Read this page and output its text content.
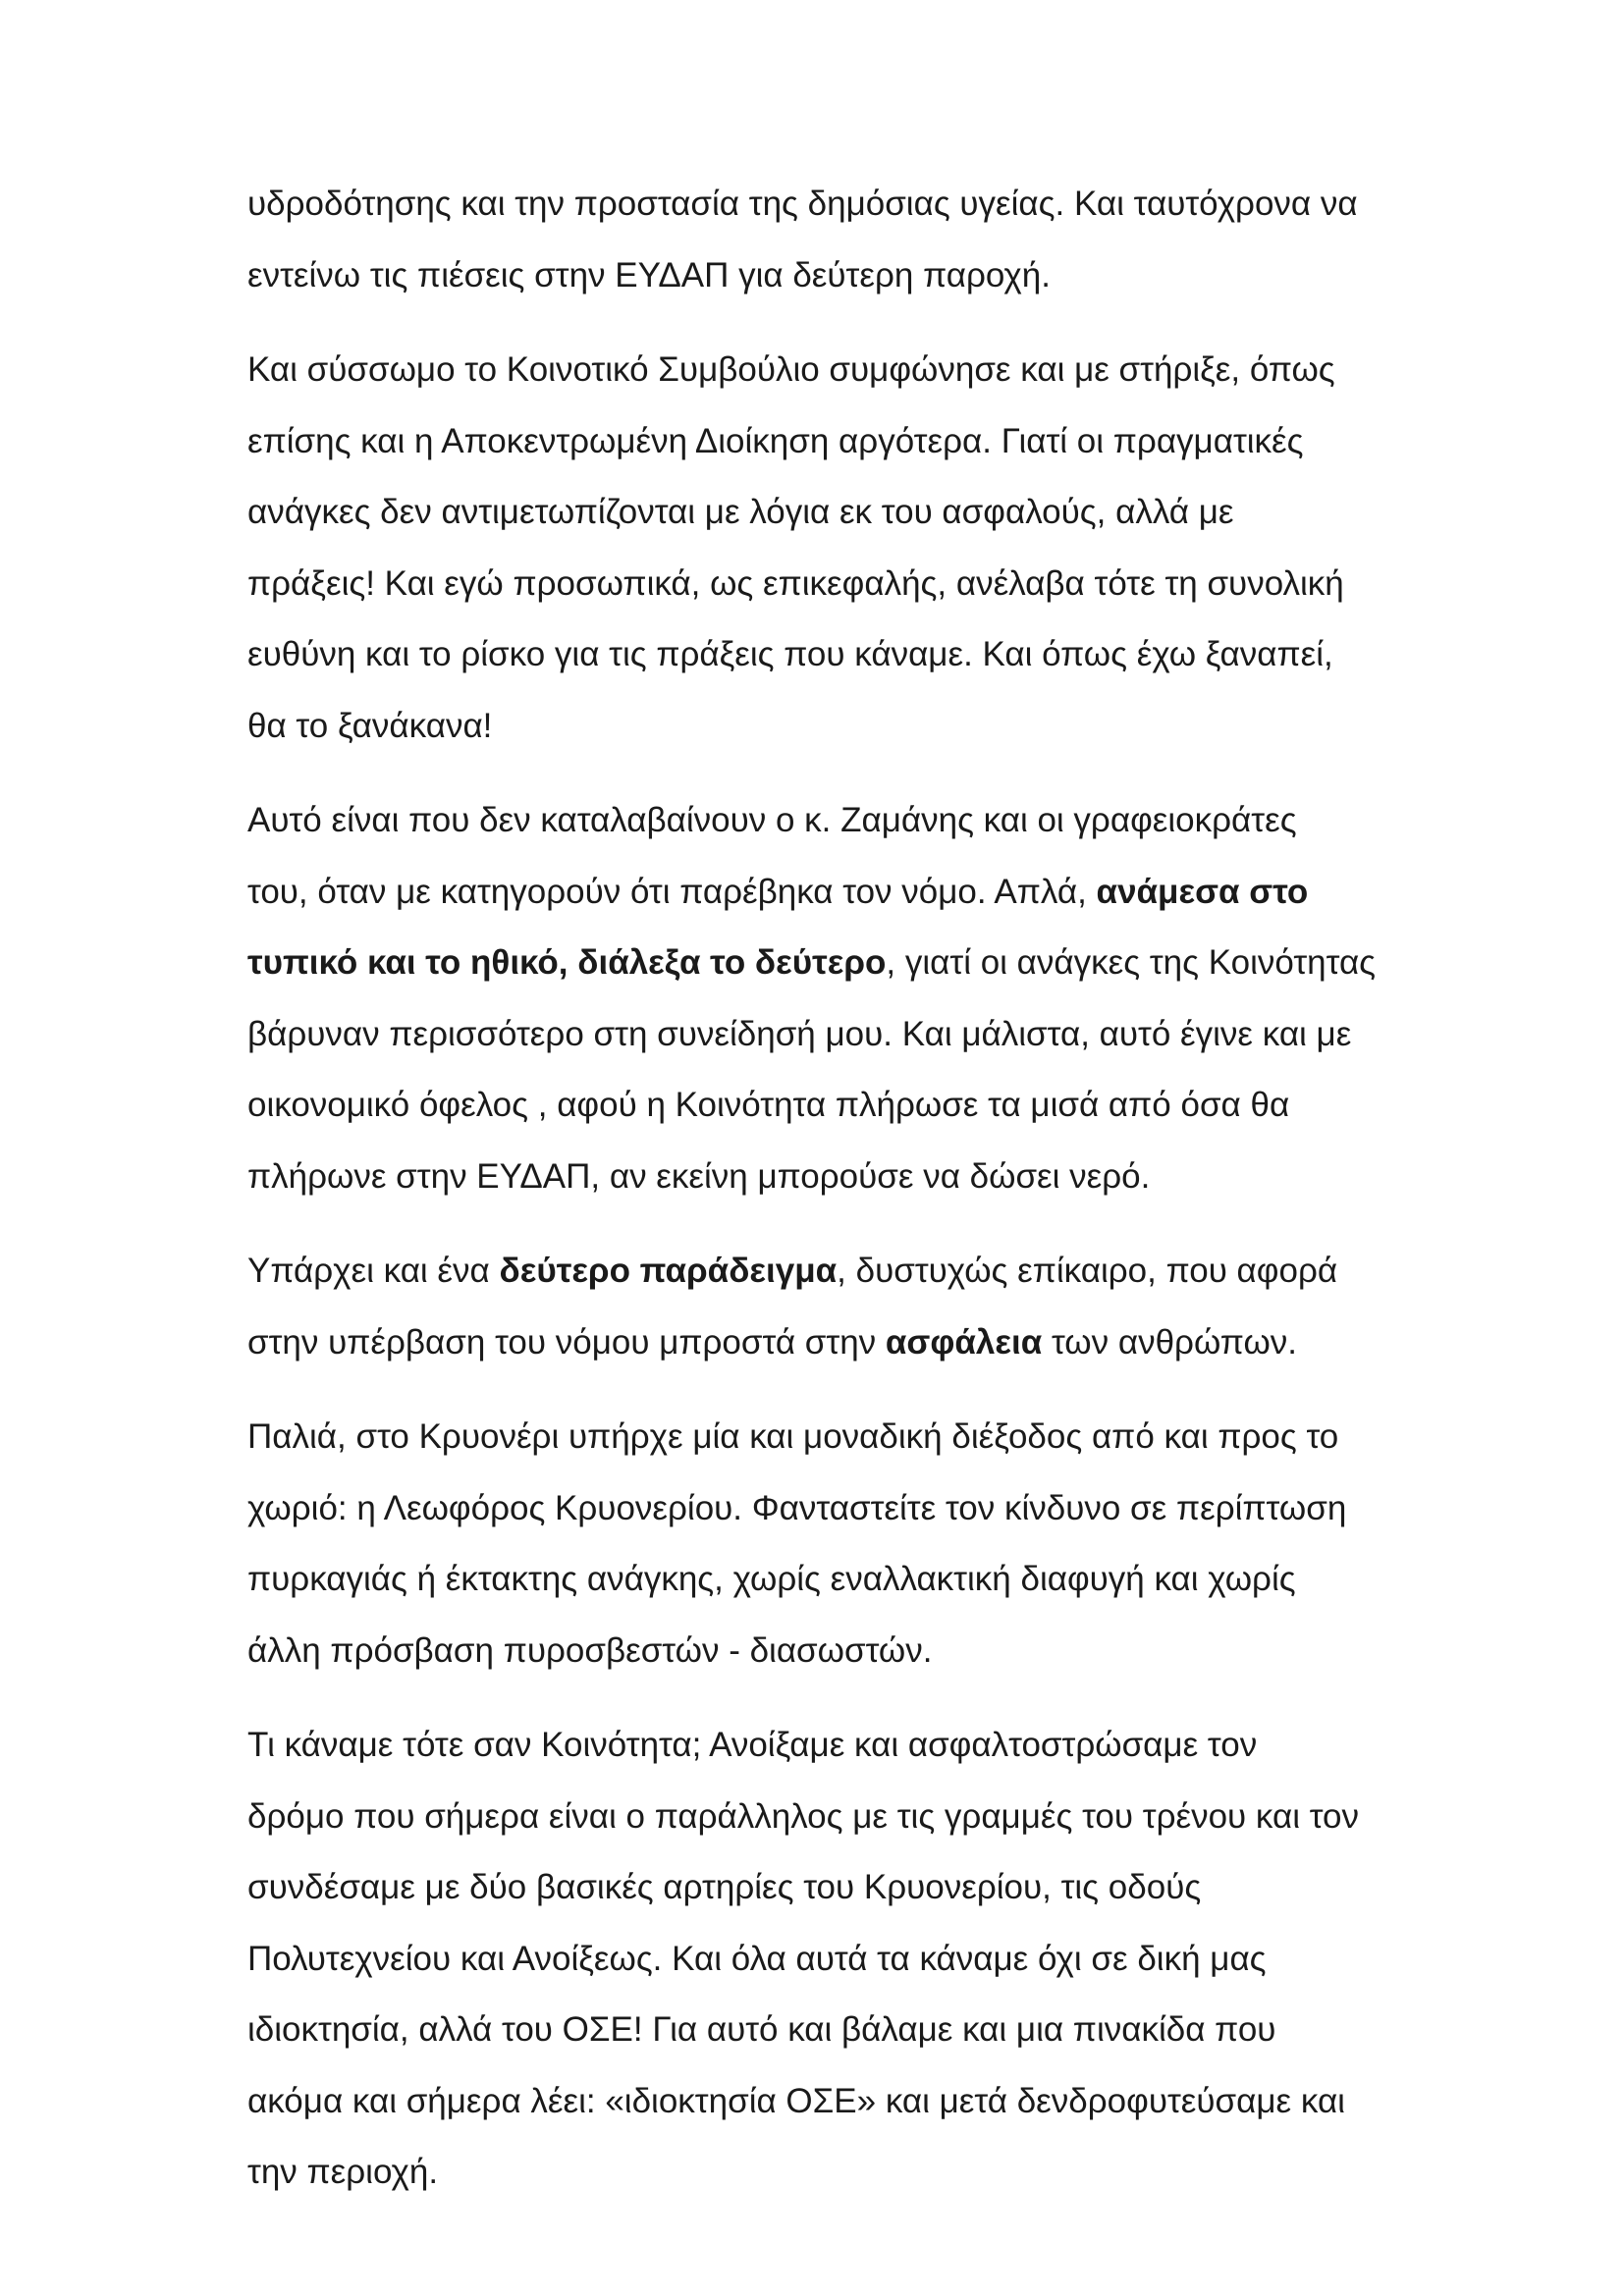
υδροδότησης και την προστασία της δημόσιας υγείας. Και ταυτόχρονα να
εντείνω τις πιέσεις στην ΕΥΔΑΠ για δεύτερη παροχή.
Και σύσσωμο το Κοινοτικό Συμβούλιο συμφώνησε και με στήριξε, όπως
επίσης και η Αποκεντρωμένη Διοίκηση αργότερα. Γιατί οι πραγματικές
ανάγκες δεν αντιμετωπίζονται με λόγια εκ του ασφαλούς, αλλά με
πράξεις! Και εγώ προσωπικά, ως επικεφαλής, ανέλαβα τότε τη συνολική
ευθύνη και το ρίσκο για τις πράξεις που κάναμε. Και όπως έχω ξαναπεί,
θα το ξανάκανα!
Αυτό είναι που δεν καταλαβαίνουν ο κ. Ζαμάνης και οι γραφειοκράτες
του, όταν με κατηγορούν ότι παρέβηκα τον νόμο. Απλά, ανάμεσα στο
τυπικό και το ηθικό, διάλεξα το δεύτερο, γιατί οι ανάγκες της Κοινότητας
βάρυναν περισσότερο στη συνείδησή μου. Και μάλιστα, αυτό έγινε και με
οικονομικό όφελος , αφού η Κοινότητα πλήρωσε τα μισά από όσα θα
πλήρωνε στην ΕΥΔΑΠ, αν εκείνη μπορούσε να δώσει νερό.
Υπάρχει και ένα δεύτερο παράδειγμα, δυστυχώς επίκαιρο, που αφορά
στην υπέρβαση του νόμου μπροστά στην ασφάλεια των ανθρώπων.
Παλιά, στο Κρυονέρι υπήρχε μία και μοναδική διέξοδος από και προς το
χωριό: η Λεωφόρος Κρυονερίου. Φανταστείτε τον κίνδυνο σε περίπτωση
πυρκαγιάς ή έκτακτης ανάγκης, χωρίς εναλλακτική διαφυγή και χωρίς
άλλη πρόσβαση πυροσβεστών - διασωστών.
Τι κάναμε τότε σαν Κοινότητα; Ανοίξαμε και ασφαλτοστρώσαμε τον
δρόμο που σήμερα είναι ο παράλληλος με τις γραμμές του τρένου και τον
συνδέσαμε με δύο βασικές αρτηρίες του Κρυονερίου, τις οδούς
Πολυτεχνείου και Ανοίξεως. Και όλα αυτά τα κάναμε όχι σε δική μας
ιδιοκτησία, αλλά του ΟΣΕ! Για αυτό και βάλαμε και μια πινακίδα που
ακόμα και σήμερα λέει: «ιδιοκτησία ΟΣΕ» και μετά δενδροφυτεύσαμε και
την περιοχή.
